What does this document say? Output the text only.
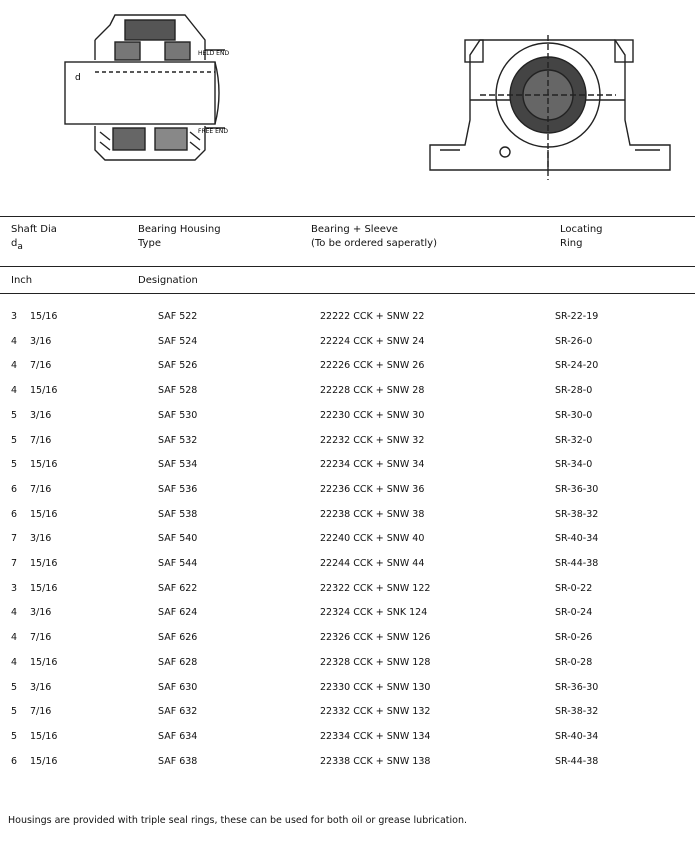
d
HELD END
FREE END
Shaft Dia
$d_a$
Bearing Housing
Type
Bearing + Sleeve
(To be ordered saperatly)
Locating
Ring
Inch	Designation
3 15/16	SAF 522	22222 CCK + SNW 22	SR-22-19
4 3/16	SAF 524	22224 CCK + SNW 24	SR-26-0
4 7/16	SAF 526	22226 CCK + SNW 26	SR-24-20
4 15/16	SAF 528	22228 CCK + SNW 28	SR-28-0
5 3/16	SAF 530	22230 CCK + SNW 30	SR-30-0
5 7/16	SAF 532	22232 CCK + SNW 32	SR-32-0
5 15/16	SAF 534	22234 CCK + SNW 34	SR-34-0
6 7/16	SAF 536	22236 CCK + SNW 36	SR-36-30
6 15/16	SAF 538	22238 CCK + SNW 38	SR-38-32
7 3/16	SAF 540	22240 CCK + SNW 40	SR-40-34
7 15/16	SAF 544	22244 CCK + SNW 44	SR-44-38
3 15/16	SAF 622	22322 CCK + SNW 122	SR-0-22
4 3/16	SAF 624	22324 CCK + SNK 124	SR-0-24
4 7/16	SAF 626	22326 CCK + SNW 126	SR-0-26
4 15/16	SAF 628	22328 CCK + SNW 128	SR-0-28
5 3/16	SAF 630	22330 CCK + SNW 130	SR-36-30
5 7/16	SAF 632	22332 CCK + SNW 132	SR-38-32
5 15/16	SAF 634	22334 CCK + SNW 134	SR-40-34
6 15/16	SAF 638	22338 CCK + SNW 138	SR-44-38
Housings are provided with triple seal rings, these can be used for both oil or grease lubrication.
